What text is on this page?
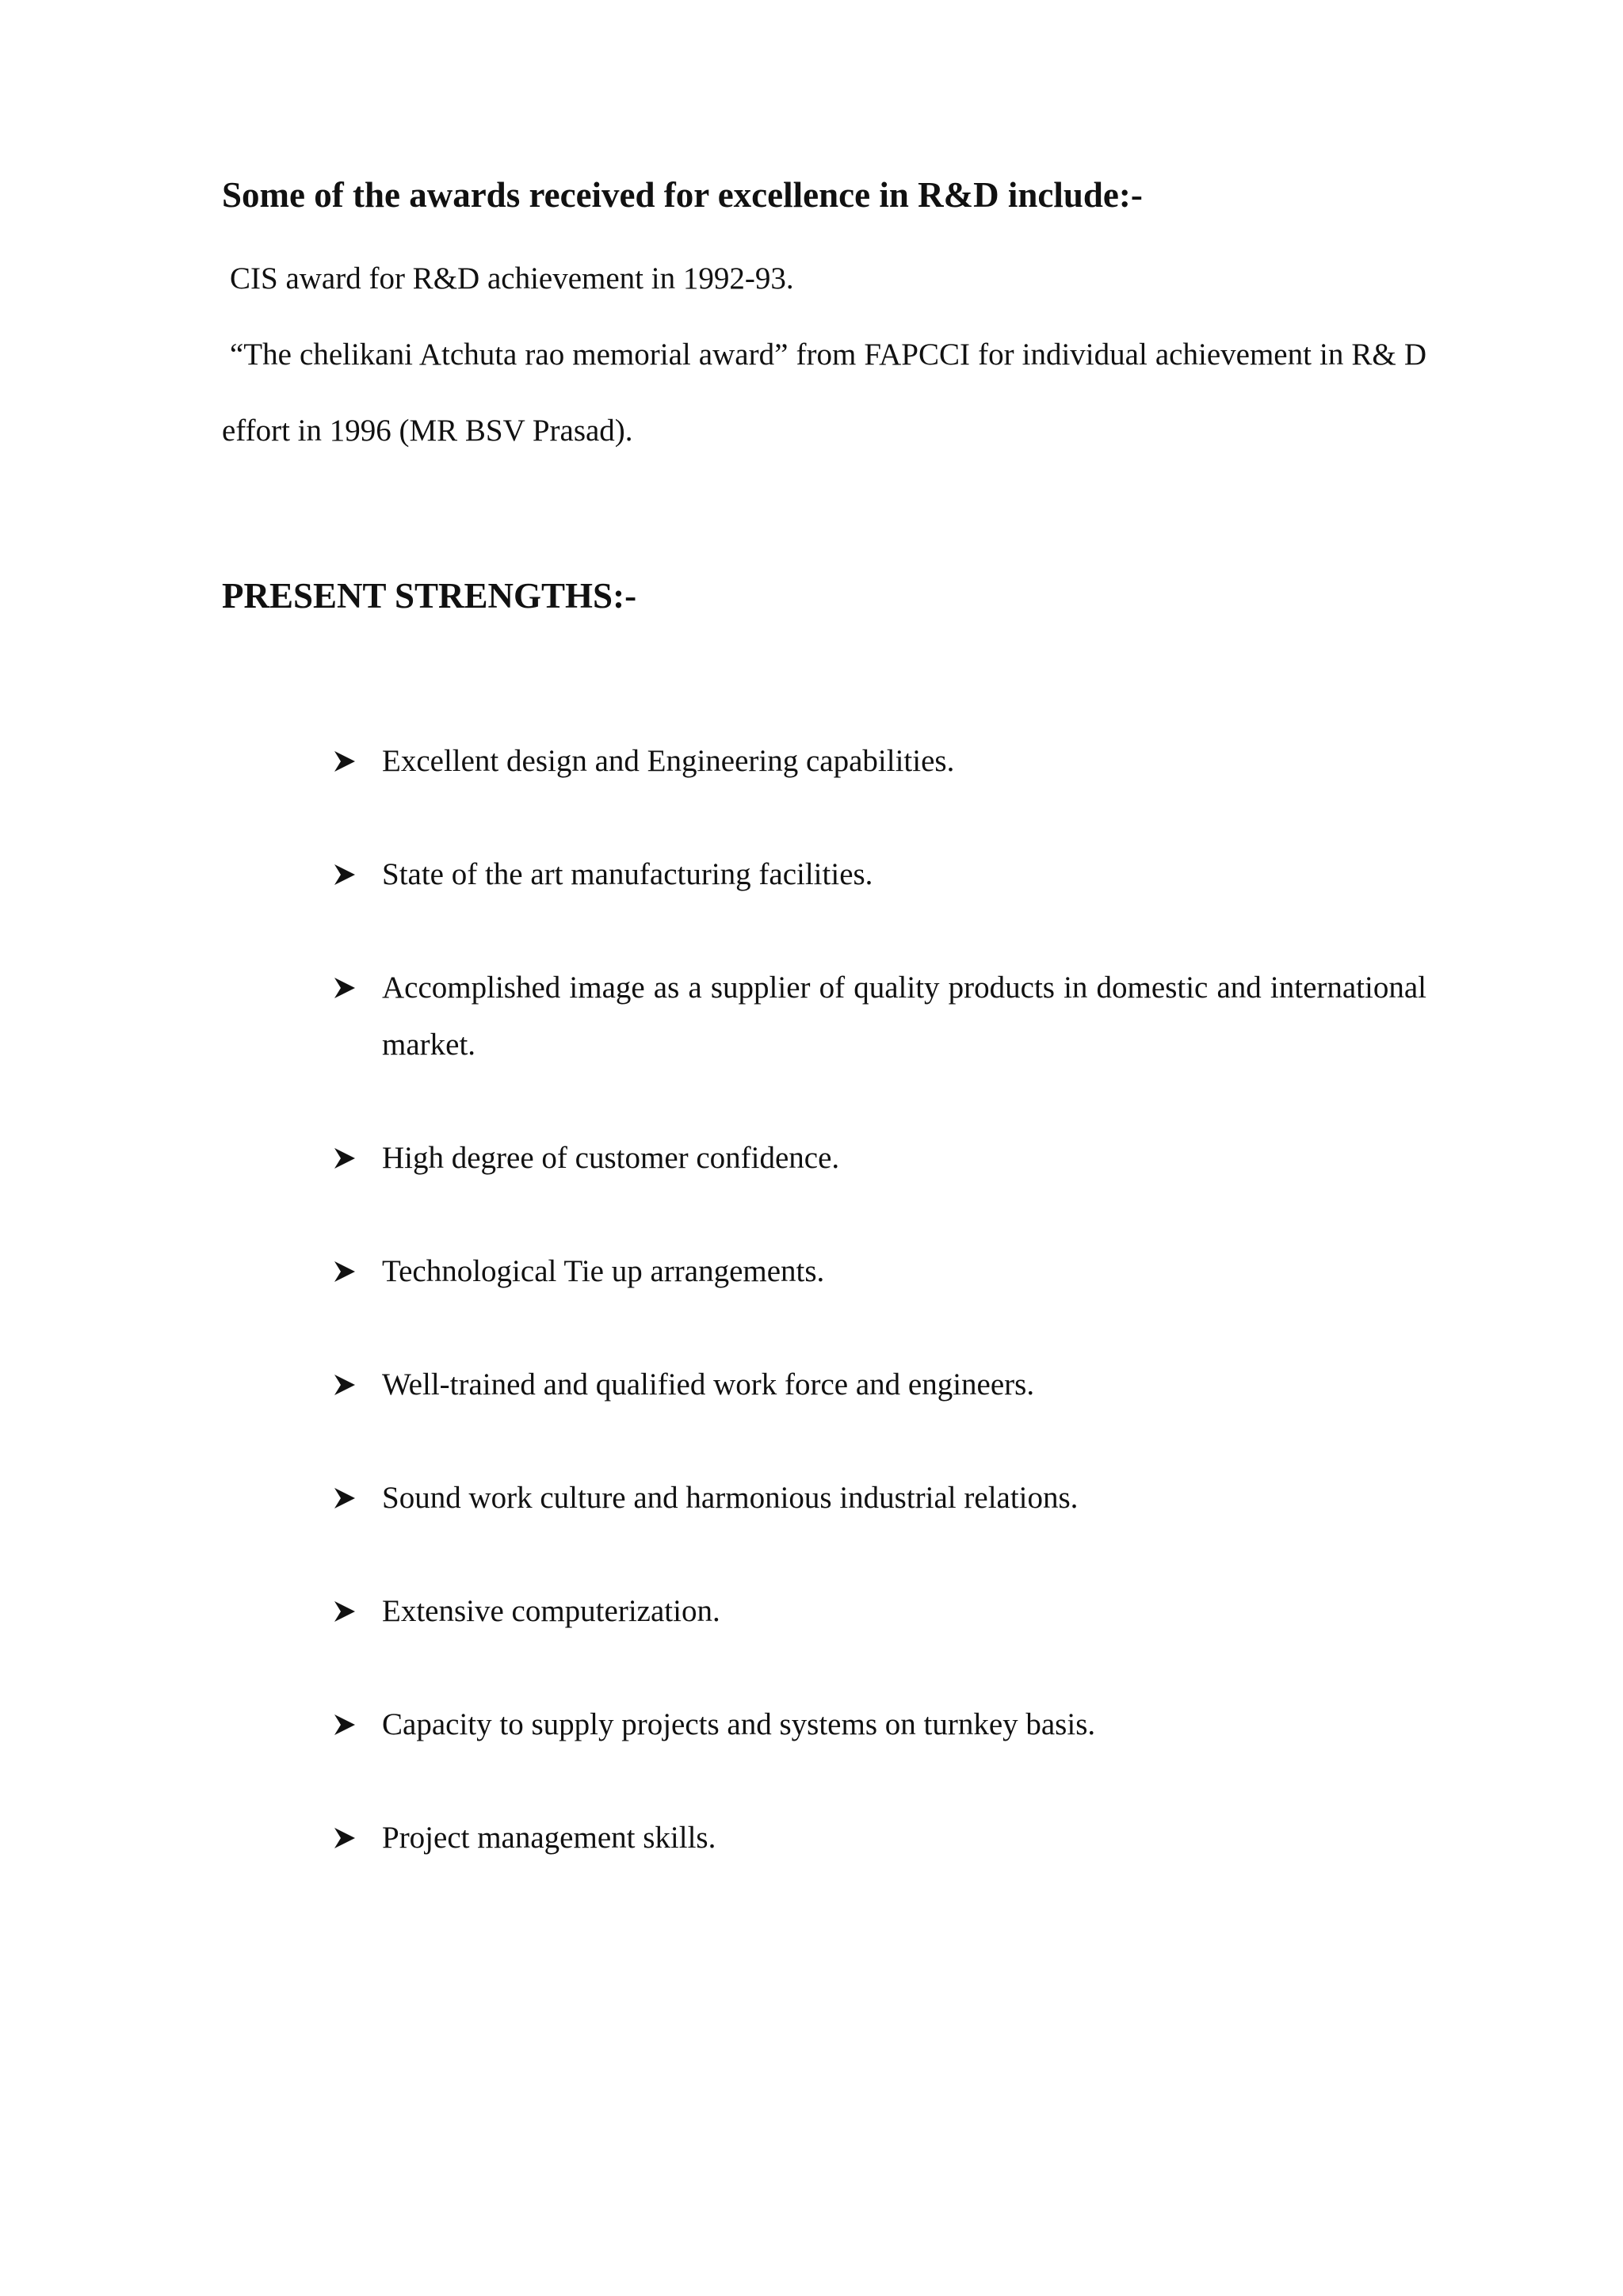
Some of the awards received for excellence in R&D include:-
CIS award for R&D achievement in 1992-93.
“The chelikani Atchuta rao memorial award” from FAPCCI for individual achievement in R& D effort in 1996 (MR BSV Prasad).
PRESENT STRENGTHS:-
Excellent design and Engineering capabilities.
State of the art manufacturing facilities.
Accomplished image as a supplier of quality products in domestic and international market.
High degree of customer confidence.
Technological Tie up arrangements.
Well-trained and qualified work force and engineers.
Sound work culture and harmonious industrial relations.
Extensive computerization.
Capacity to supply projects and systems on turnkey basis.
Project management skills.
